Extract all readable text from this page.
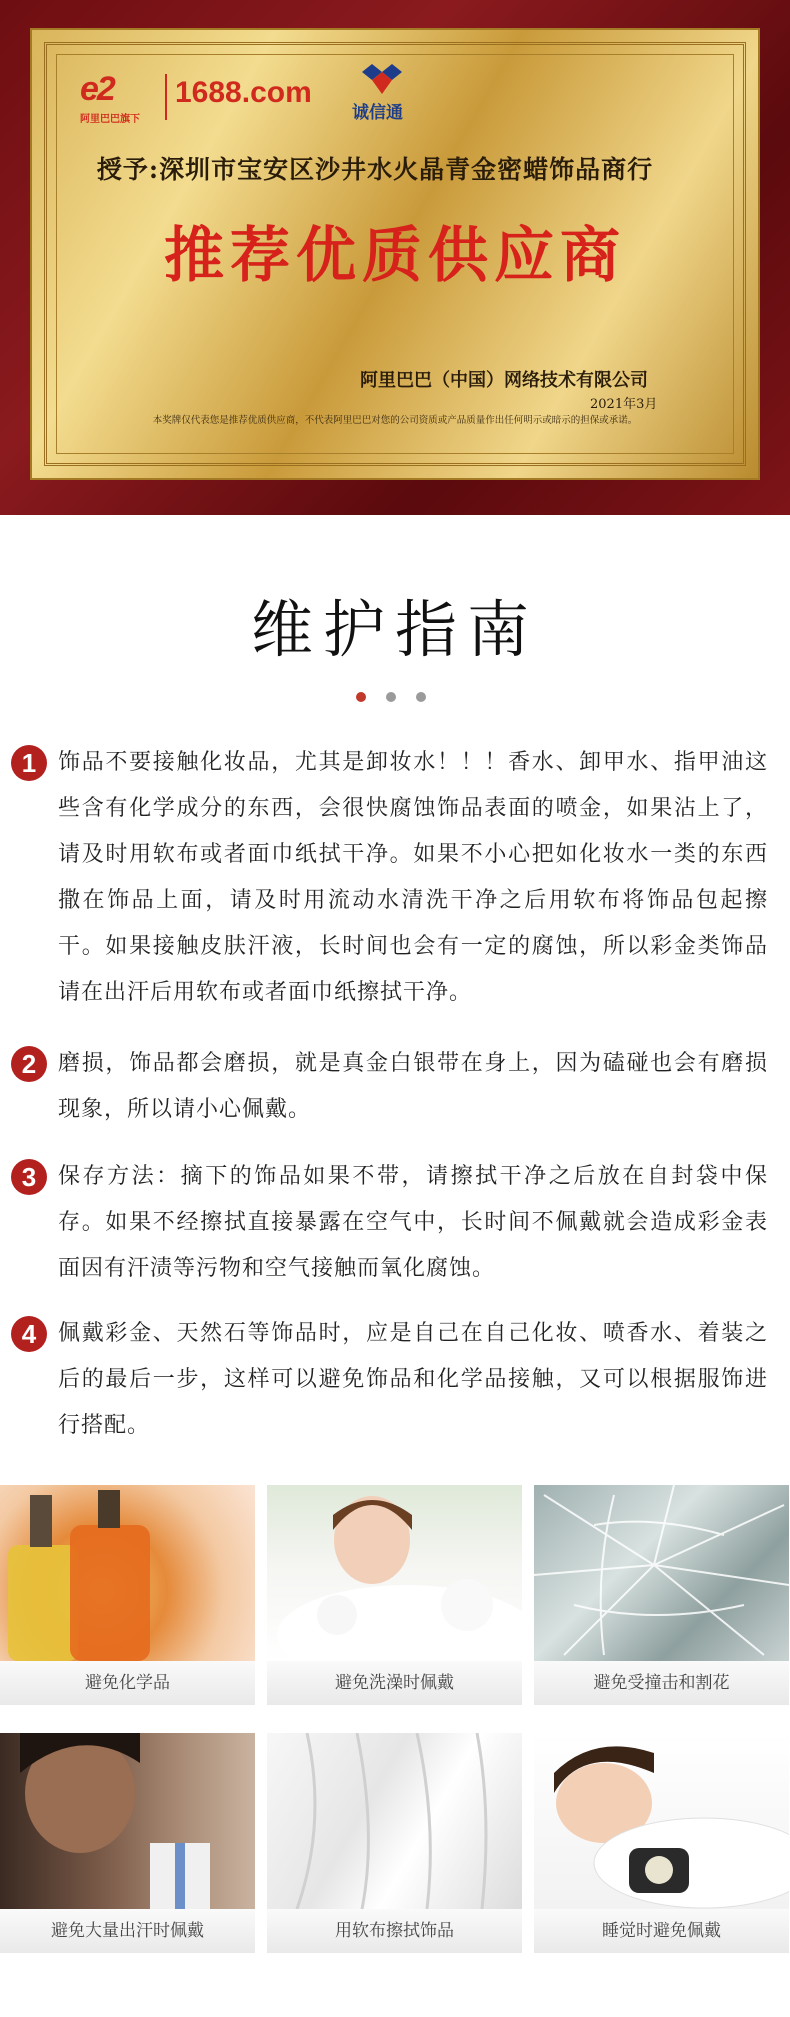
e2
阿里巴巴旗下
1688.com
诚信通
授予:深圳市宝安区沙井水火晶青金密蜡饰品商行
推荐优质供应商
阿里巴巴（中国）网络技术有限公司
2021年3月
本奖牌仅代表您是推荐优质供应商，不代表阿里巴巴对您的公司资质或产品质量作出任何明示或暗示的担保或承诺。
维护指南
1 饰品不要接触化妆品，尤其是卸妆水！！！香水、卸甲水、指甲油这些含有化学成分的东西，会很快腐蚀饰品表面的喷金，如果沾上了，请及时用软布或者面巾纸拭干净。如果不小心把如化妆水一类的东西撒在饰品上面，请及时用流动水清洗干净之后用软布将饰品包起擦干。如果接触皮肤汗液，长时间也会有一定的腐蚀，所以彩金类饰品请在出汗后用软布或者面巾纸擦拭干净。
2 磨损，饰品都会磨损，就是真金白银带在身上，因为磕碰也会有磨损现象，所以请小心佩戴。
3 保存方法：摘下的饰品如果不带，请擦拭干净之后放在自封袋中保存。如果不经擦拭直接暴露在空气中，长时间不佩戴就会造成彩金表面因有汗渍等污物和空气接触而氧化腐蚀。
4 佩戴彩金、天然石等饰品时，应是自己在自己化妆、喷香水、着装之后的最后一步，这样可以避免饰品和化学品接触，又可以根据服饰进行搭配。
避免化学品	避免洗澡时佩戴	避免受撞击和割花
避免大量出汗时佩戴	用软布擦拭饰品	睡觉时避免佩戴
